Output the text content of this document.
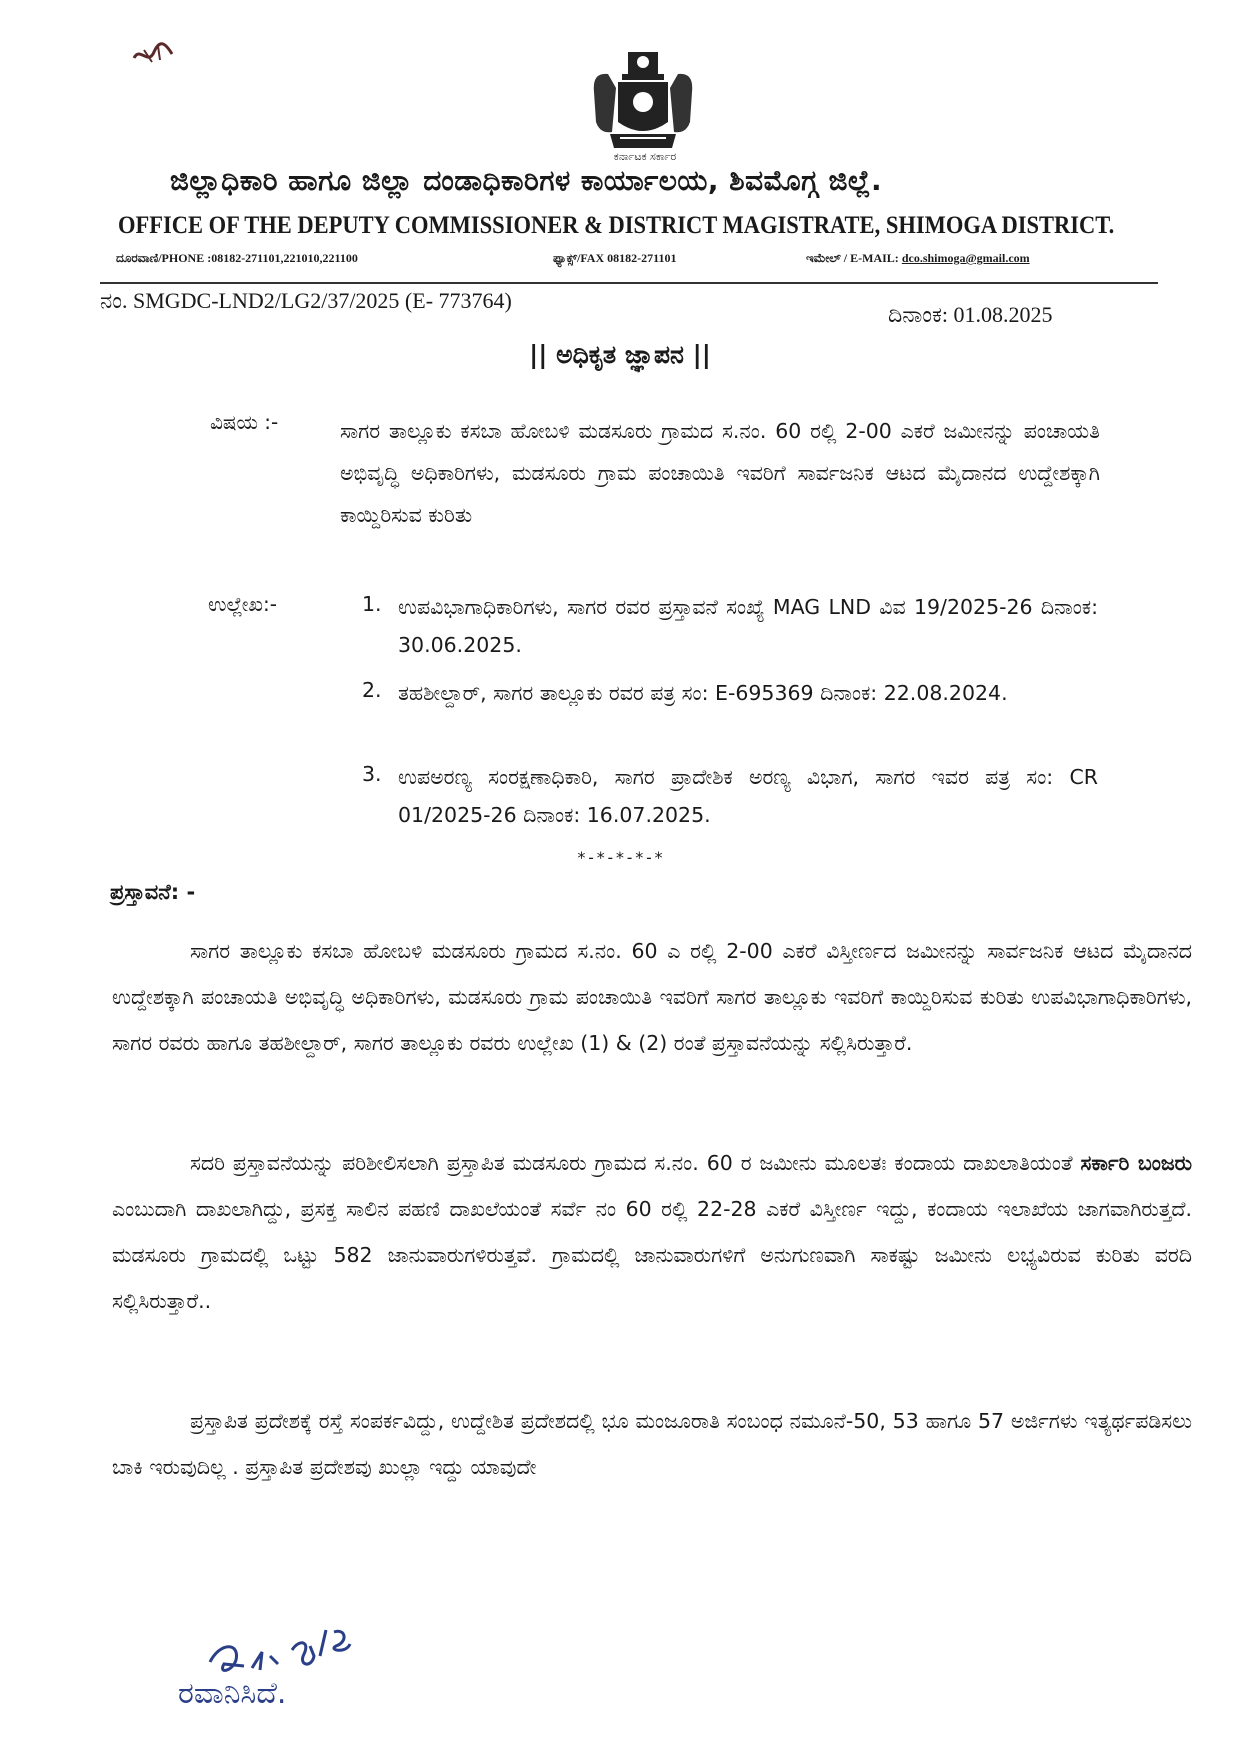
ಕರ್ನಾಟಕ ಸರ್ಕಾರ
ಜಿಲ್ಲಾಧಿಕಾರಿ ಹಾಗೂ ಜಿಲ್ಲಾ ದಂಡಾಧಿಕಾರಿಗಳ ಕಾರ್ಯಾಲಯ, ಶಿವಮೊಗ್ಗ ಜಿಲ್ಲೆ.
OFFICE OF THE DEPUTY COMMISSIONER & DISTRICT MAGISTRATE, SHIMOGA DISTRICT.
ದೂರವಾಣಿ/PHONE :08182-271101,221010,221100	ಫ್ಯಾಕ್ಸ್/FAX 08182-271101	ಇಮೇಲ್ / E-MAIL: dco.shimoga@gmail.com
ನಂ. SMGDC-LND2/LG2/37/2025 (E- 773764)
ದಿನಾಂಕ: 01.08.2025
|| ಅಧಿಕೃತ ಜ್ಞಾಪನ ||
ವಿಷಯ :-	ಸಾಗರ ತಾಲ್ಲೂಕು ಕಸಬಾ ಹೋಬಳಿ ಮಡಸೂರು ಗ್ರಾಮದ ಸ.ನಂ. 60 ರಲ್ಲಿ 2-00 ಎಕರೆ ಜಮೀನನ್ನು ಪಂಚಾಯತಿ ಅಭಿವೃದ್ಧಿ ಅಧಿಕಾರಿಗಳು, ಮಡಸೂರು ಗ್ರಾಮ ಪಂಚಾಯಿತಿ ಇವರಿಗೆ ಸಾರ್ವಜನಿಕ ಆಟದ ಮೈದಾನದ ಉದ್ದೇಶಕ್ಕಾಗಿ ಕಾಯ್ದಿರಿಸುವ ಕುರಿತು
ಉಲ್ಲೇಖ:-	1. ಉಪವಿಭಾಗಾಧಿಕಾರಿಗಳು, ಸಾಗರ ರವರ ಪ್ರಸ್ತಾವನೆ ಸಂಖ್ಯೆ MAG LND ವಿವ 19/2025-26 ದಿನಾಂಕ: 30.06.2025.
2. ತಹಶೀಲ್ದಾರ್, ಸಾಗರ ತಾಲ್ಲೂಕು ರವರ ಪತ್ರ ಸಂ: E-695369 ದಿನಾಂಕ: 22.08.2024.
3. ಉಪಅರಣ್ಯ ಸಂರಕ್ಷಣಾಧಿಕಾರಿ, ಸಾಗರ ಪ್ರಾದೇಶಿಕ ಅರಣ್ಯ ವಿಭಾಗ, ಸಾಗರ ಇವರ ಪತ್ರ ಸಂ: CR 01/2025-26 ದಿನಾಂಕ: 16.07.2025.
*-*-*-*-*
ಪ್ರಸ್ತಾವನೆ: -
ಸಾಗರ ತಾಲ್ಲೂಕು ಕಸಬಾ ಹೋಬಳಿ ಮಡಸೂರು ಗ್ರಾಮದ ಸ.ನಂ. 60 ಎ ರಲ್ಲಿ 2-00 ಎಕರೆ ವಿಸ್ತೀರ್ಣದ ಜಮೀನನ್ನು ಸಾರ್ವಜನಿಕ ಆಟದ ಮೈದಾನದ ಉದ್ದೇಶಕ್ಕಾಗಿ ಪಂಚಾಯತಿ ಅಭಿವೃದ್ಧಿ ಅಧಿಕಾರಿಗಳು, ಮಡಸೂರು ಗ್ರಾಮ ಪಂಚಾಯಿತಿ ಇವರಿಗೆ ಸಾಗರ ತಾಲ್ಲೂಕು ಇವರಿಗೆ ಕಾಯ್ದಿರಿಸುವ ಕುರಿತು ಉಪವಿಭಾಗಾಧಿಕಾರಿಗಳು, ಸಾಗರ ರವರು ಹಾಗೂ ತಹಶೀಲ್ದಾರ್, ಸಾಗರ ತಾಲ್ಲೂಕು ರವರು ಉಲ್ಲೇಖ (1) & (2) ರಂತೆ ಪ್ರಸ್ತಾವನೆಯನ್ನು ಸಲ್ಲಿಸಿರುತ್ತಾರೆ.
ಸದರಿ ಪ್ರಸ್ತಾವನೆಯನ್ನು ಪರಿಶೀಲಿಸಲಾಗಿ ಪ್ರಸ್ತಾಪಿತ ಮಡಸೂರು ಗ್ರಾಮದ ಸ.ನಂ. 60 ರ ಜಮೀನು ಮೂಲತಃ ಕಂದಾಯ ದಾಖಲಾತಿಯಂತೆ ಸರ್ಕಾರಿ ಬಂಜರು ಎಂಬುದಾಗಿ ದಾಖಲಾಗಿದ್ದು, ಪ್ರಸಕ್ತ ಸಾಲಿನ ಪಹಣಿ ದಾಖಲೆಯಂತೆ ಸರ್ವೆ ನಂ 60 ರಲ್ಲಿ 22-28 ಎಕರೆ ವಿಸ್ತೀರ್ಣ ಇದ್ದು, ಕಂದಾಯ ಇಲಾಖೆಯ ಜಾಗವಾಗಿರುತ್ತದೆ. ಮಡಸೂರು ಗ್ರಾಮದಲ್ಲಿ ಒಟ್ಟು 582 ಜಾನುವಾರುಗಳಿರುತ್ತವೆ. ಗ್ರಾಮದಲ್ಲಿ ಜಾನುವಾರುಗಳಿಗೆ ಅನುಗುಣವಾಗಿ ಸಾಕಷ್ಟು ಜಮೀನು ಲಭ್ಯವಿರುವ ಕುರಿತು ವರದಿ ಸಲ್ಲಿಸಿರುತ್ತಾರೆ..
ಪ್ರಸ್ತಾಪಿತ ಪ್ರದೇಶಕ್ಕೆ ರಸ್ತೆ ಸಂಪರ್ಕವಿದ್ದು, ಉದ್ದೇಶಿತ ಪ್ರದೇಶದಲ್ಲಿ ಭೂ ಮಂಜೂರಾತಿ ಸಂಬಂಧ ನಮೂನೆ-50, 53 ಹಾಗೂ 57 ಅರ್ಜಿಗಳು ಇತ್ಯರ್ಥಪಡಿಸಲು ಬಾಕಿ ಇರುವುದಿಲ್ಲ . ಪ್ರಸ್ತಾಪಿತ ಪ್ರದೇಶವು ಖುಲ್ಲಾ ಇದ್ದು ಯಾವುದೇ
ರವಾನಿಸಿದೆ.
